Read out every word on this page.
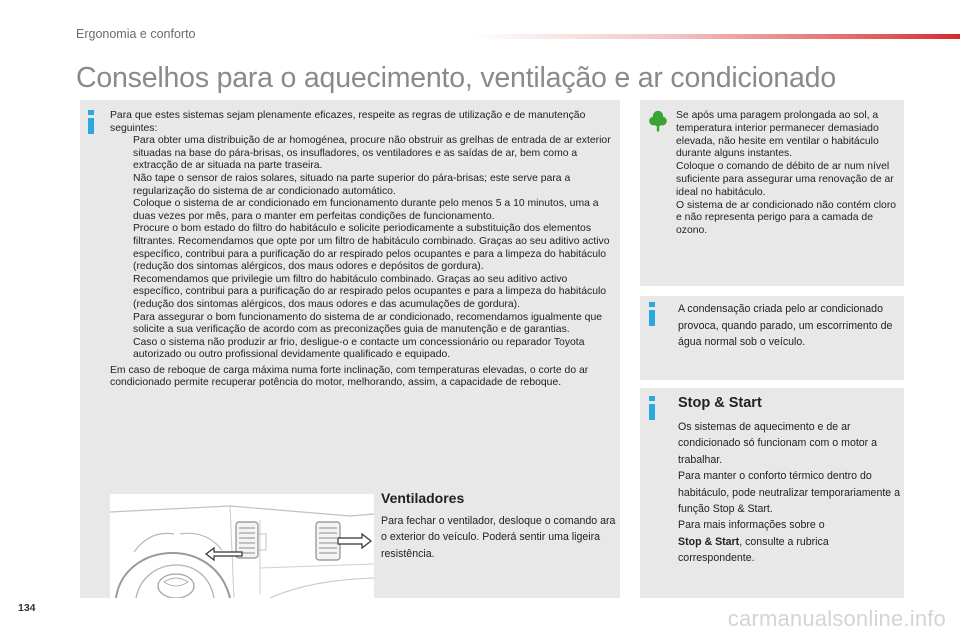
Ergonomia e conforto
Conselhos para o aquecimento, ventilação e ar condicionado

Para que estes sistemas sejam plenamente eficazes, respeite as regras de utilização e de manutenção seguintes:

Para obter uma distribuição de ar homogénea, procure não obstruir as grelhas de entrada de ar exterior situadas na base do pára-brisas, os insufladores, os ventiladores e as saídas de ar, bem como a extracção de ar situada na parte traseira.
Não tape o sensor de raios solares, situado na parte superior do pára-brisas; este serve para a regularização do sistema de ar condicionado automático.
Coloque o sistema de ar condicionado em funcionamento durante pelo menos 5 a 10 minutos, uma a duas vezes por mês, para o manter em perfeitas condições de funcionamento.
Procure o bom estado do filtro do habitáculo e solicite periodicamente a substituição dos elementos filtrantes. Recomendamos que opte por um filtro de habitáculo combinado. Graças ao seu aditivo activo específico, contribui para a purificação do ar respirado pelos ocupantes e para a limpeza do habitáculo (redução dos sintomas alérgicos, dos maus odores e depósitos de gordura).
Recomendamos que privilegie um filtro do habitáculo combinado. Graças ao seu aditivo activo específico, contribui para a purificação do ar respirado pelos ocupantes e para a limpeza do habitáculo (redução dos sintomas alérgicos, dos maus odores e das acumulações de gordura).
Para assegurar o bom funcionamento do sistema de ar condicionado, recomendamos igualmente que solicite a sua verificação de acordo com as preconizações guia de manutenção e de garantias.
Caso o sistema não produzir ar frio, desligue-o e contacte um concessionário ou reparador Toyota autorizado ou outro profissional devidamente qualificado e equipado.

Em caso de reboque de carga máxima numa forte inclinação, com temperaturas elevadas, o corte do ar condicionado permite recuperar potência do motor, melhorando, assim, a capacidade de reboque.

Ventiladores
Para fechar o ventilador, desloque o comando ara o exterior do veículo. Poderá sentir uma ligeira resistência.
Se após uma paragem prolongada ao sol, a temperatura interior permanecer demasiado elevada, não hesite em ventilar o habitáculo durante alguns instantes.
Coloque o comando de débito de ar num nível suficiente para assegurar uma renovação de ar ideal no habitáculo.
O sistema de ar condicionado não contém cloro e não representa perigo para a camada de ozono.
A condensação criada pelo ar condicionado provoca, quando parado, um escorrimento de água normal sob o veículo.
Stop & Start
Os sistemas de aquecimento e de ar condicionado só funcionam com o motor a trabalhar.
Para manter o conforto térmico dentro do habitáculo, pode neutralizar temporariamente a função Stop & Start.
Para mais informações sobre o
Stop & Start, consulte a rubrica correspondente.
134	carmanualsonline.info
